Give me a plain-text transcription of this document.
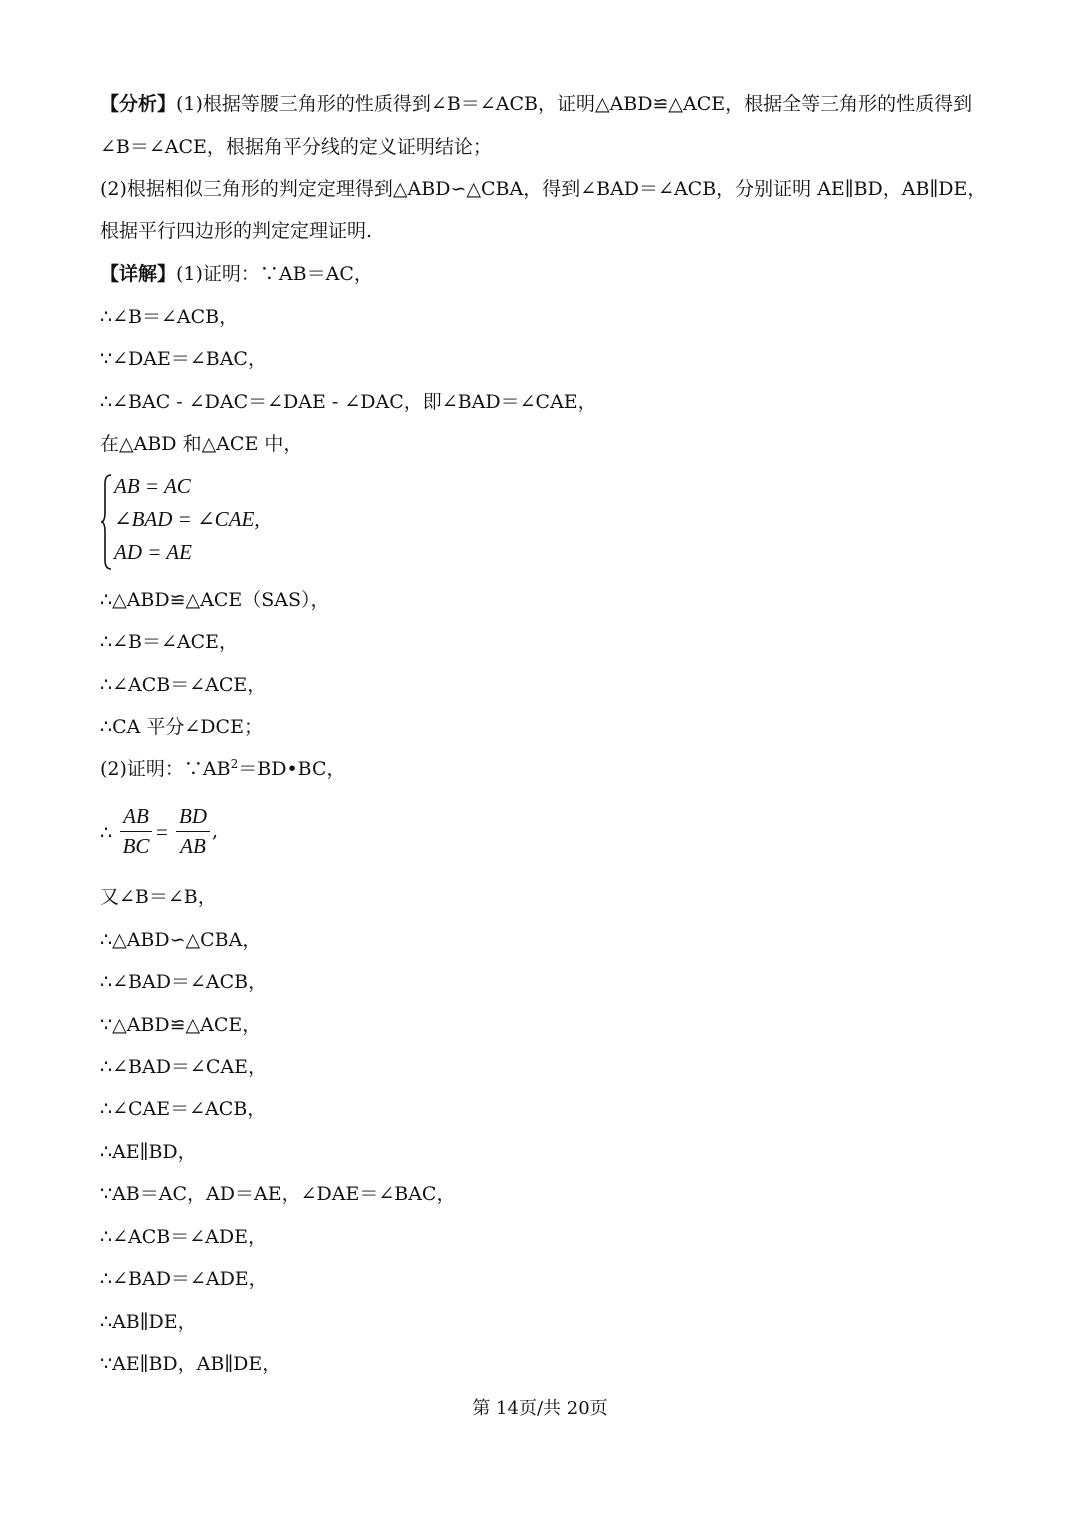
【分析】(1)根据等腰三角形的性质得到∠B＝∠ACB，证明△ABD≌△ACE，根据全等三角形的性质得到
∠B＝∠ACE，根据角平分线的定义证明结论；
(2)根据相似三角形的判定定理得到△ABD∽△CBA，得到∠BAD＝∠ACB，分别证明 AE∥BD，AB∥DE，
根据平行四边形的判定定理证明.
【详解】(1)证明：∵AB＝AC，
∴∠B＝∠ACB，
∵∠DAE＝∠BAC，
∴∠BAC - ∠DAC＝∠DAE - ∠DAC，即∠BAD＝∠CAE，
在△ABD 和△ACE 中，
AB = AC
∠BAD = ∠CAE,
AD = AE
∴△ABD≌△ACE（SAS），
∴∠B＝∠ACE，
∴∠ACB＝∠ACE，
∴CA 平分∠DCE；
(2)证明：$\because AB^2=BD•BC$，
∴
AB
BC
=
BD
AB
,
又∠B＝∠B，
∴△ABD∽△CBA，
∴∠BAD＝∠ACB，
∵△ABD≌△ACE，
∴∠BAD＝∠CAE，
∴∠CAE＝∠ACB，
∴AE∥BD，
∵AB＝AC，AD＝AE，∠DAE＝∠BAC，
∴∠ACB＝∠ADE，
∴∠BAD＝∠ADE，
∴AB∥DE，
∵AE∥BD，AB∥DE，
第 14页/共 20页
